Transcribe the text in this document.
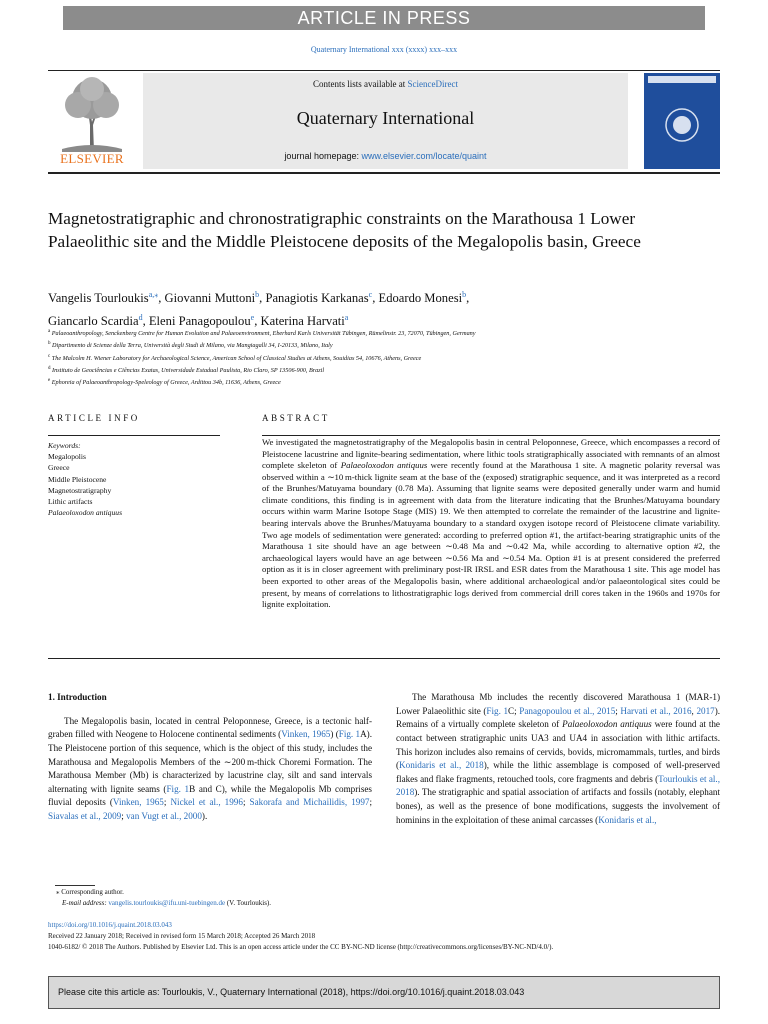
ARTICLE IN PRESS
Quaternary International xxx (xxxx) xxx–xxx
ELSEVIER
Contents lists available at ScienceDirect
Quaternary International
journal homepage: www.elsevier.com/locate/quaint
Magnetostratigraphic and chronostratigraphic constraints on the Marathousa 1 Lower Palaeolithic site and the Middle Pleistocene deposits of the Megalopolis basin, Greece
Vangelis Tourloukis$^{a,⁎}$, Giovanni Muttoni$^b$, Panagiotis Karkanas$^c$, Edoardo Monesi$^b$,
Giancarlo Scardia$^d$, Eleni Panagopoulou$^e$, Katerina Harvati$^a$
$^a$ Palaeoanthropology, Senckenberg Centre for Human Evolution and Palaeoenvironment, Eberhard Karls Universität Tübingen, Rümelinstr. 23, 72070, Tübingen, Germany
$^b$ Dipartimento di Scienze della Terra, Università degli Studi di Milano, via Mangiagalli 34, I-20133, Milano, Italy
$^c$ The Malcolm H. Wiener Laboratory for Archaeological Science, American School of Classical Studies at Athens, Souidias 54, 10676, Athens, Greece
$^d$ Instituto de Geociências e Ciências Exatas, Universidade Estadual Paulista, Rio Claro, SP 13506-900, Brazil
$^e$ Ephoreia of Palaeoanthropology-Speleology of Greece, Ardittou 34b, 11636, Athens, Greece
ARTICLE INFO
Keywords:
Megalopolis
Greece
Middle Pleistocene
Magnetostratigraphy
Lithic artifacts
Palaeoloxodon antiquus
ABSTRACT
We investigated the magnetostratigraphy of the Megalopolis basin in central Peloponnese, Greece, which encompasses a record of Pleistocene lacustrine and lignite-bearing sedimentation, where lithic tools stratigraphically associated with remnants of an almost complete skeleton of Palaeoloxodon antiquus were recently found at the Marathousa 1 site. A magnetic polarity reversal was observed within a ∼10 m-thick lignite seam at the base of the (exposed) stratigraphic sequence, and it was interpreted as a record of the Brunhes/Matuyama boundary (0.78 Ma). Assuming that lignite seams were deposited generally under warm and humid climate conditions, this finding is in agreement with data from the literature indicating that the Brunhes/Matuyama boundary occurs within warm Marine Isotope Stage (MIS) 19. We then attempted to correlate the remainder of the lacustrine and lignite-bearing intervals above the Brunhes/Matuyama boundary to a standard oxygen isotope record of Pleistocene climate variability. Two age models of sedimentation were generated: according to preferred option #1, the artifact-bearing stratigraphic units of the Marathousa 1 site should have an age between ∼0.48 Ma and ∼0.42 Ma, while according to alternative option #2, the archaeological layers would have an age between ∼0.56 Ma and ∼0.54 Ma. Option #1 is at present considered the preferred option as it is in closer agreement with preliminary post-IR IRSL and ESR dates from the Marathousa 1 site. This age model has been exported to other areas of the Megalopolis basin, where additional archaeological and/or palaeontological sites could be present, by means of correlations to lithostratigraphic logs derived from commercial drill cores taken in the 1960s and 1970s for lignite exploitation.

1. Introduction

The Megalopolis basin, located in central Peloponnese, Greece, is a tectonic half-graben filled with Neogene to Holocene continental sediments (Vinken, 1965) (Fig. 1A). The Pleistocene portion of this sequence, which is the object of this study, includes the Marathousa and Megalopolis Members of the ∼200 m-thick Choremi Formation. The Marathousa Member (Mb) is characterized by lacustrine clay, silt and sand intervals alternating with lignite seams (Fig. 1B and C), while the Megalopolis Mb comprises fluvial deposits (Vinken, 1965; Nickel et al., 1996; Sakorafa and Michailidis, 1997; Siavalas et al., 2009; van Vugt et al., 2000).

The Marathousa Mb includes the recently discovered Marathousa 1 (MAR-1) Lower Palaeolithic site (Fig. 1C; Panagopoulou et al., 2015; Harvati et al., 2016, 2017). Remains of a virtually complete skeleton of Palaeoloxodon antiquus were found at the contact between stratigraphic units UA3 and UA4 in association with lithic artifacts. This horizon includes also remains of cervids, bovids, micromammals, turtles, and birds (Konidaris et al., 2018), while the lithic assemblage is composed of well-preserved flakes and flake fragments, retouched tools, core fragments and debris (Tourloukis et al., 2018). The stratigraphic and spatial association of artifacts and fossils (notably, elephant bones), as well as the presence of bone modifications, suggests the involvement of hominins in the exploitation of these animal carcasses (Konidaris et al.,

⁎ Corresponding author.
E-mail address: vangelis.tourloukis@ifu.uni-tuebingen.de (V. Tourloukis).
https://doi.org/10.1016/j.quaint.2018.03.043
Received 22 January 2018; Received in revised form 15 March 2018; Accepted 26 March 2018
1040-6182/ © 2018 The Authors. Published by Elsevier Ltd. This is an open access article under the CC BY-NC-ND license (http://creativecommons.org/licenses/BY-NC-ND/4.0/).
Please cite this article as: Tourloukis, V., Quaternary International (2018), https://doi.org/10.1016/j.quaint.2018.03.043
